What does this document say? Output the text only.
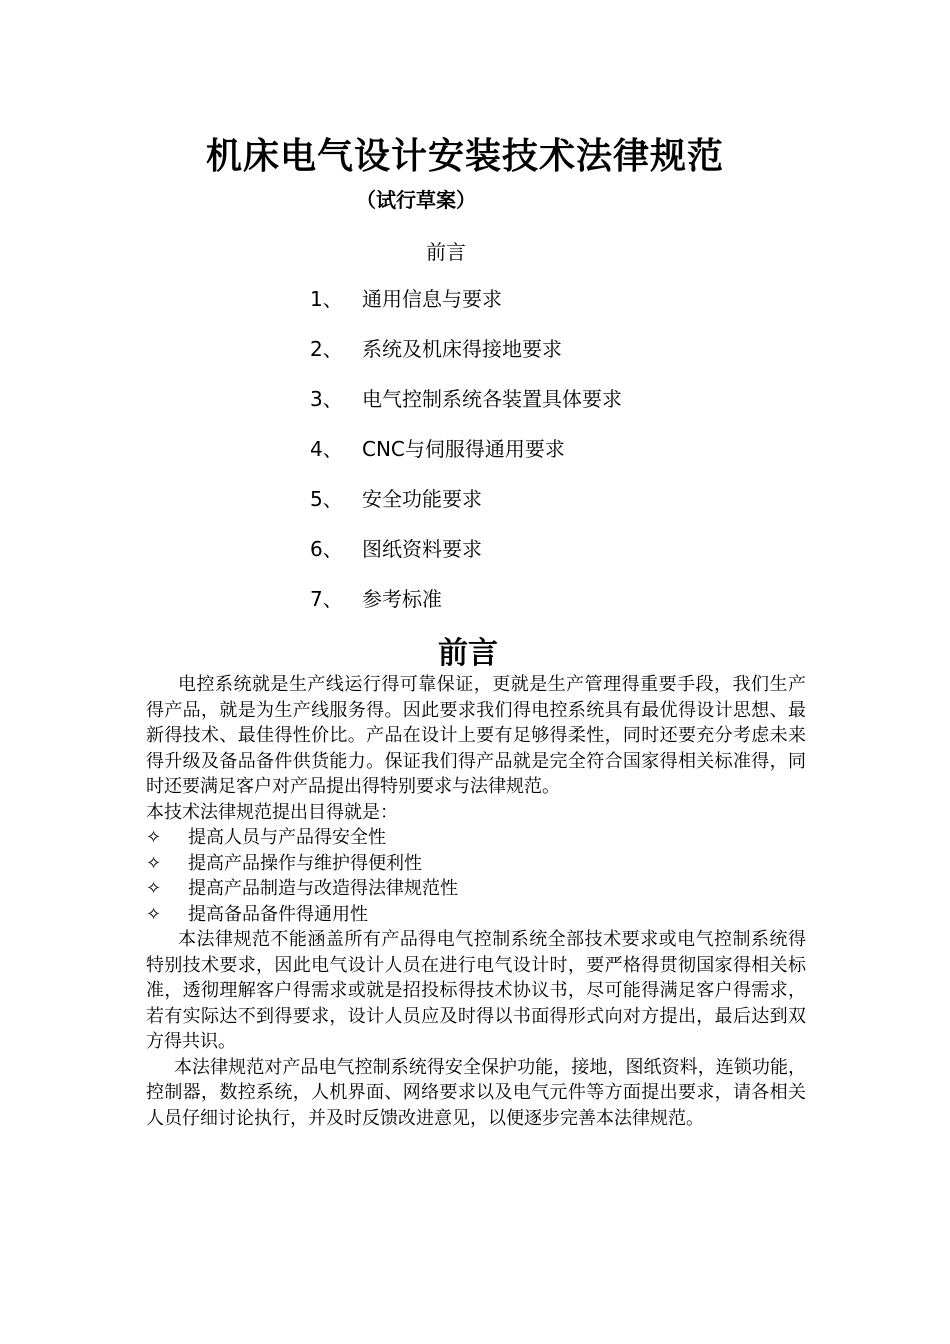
机床电气设计安装技术法律规范
（试行草案）
前言
1、 通用信息与要求
2、 系统及机床得接地要求
3、 电气控制系统各装置具体要求
4、 CNC与伺服得通用要求
5、 安全功能要求
6、 图纸资料要求
7、 参考标准
前言

电控系统就是生产线运行得可靠保证，更就是生产管理得重要手段，我们生产得产品，就是为生产线服务得。因此要求我们得电控系统具有最优得设计思想、最新得技术、最佳得性价比。产品在设计上要有足够得柔性，同时还要充分考虑未来得升级及备品备件供货能力。保证我们得产品就是完全符合国家得相关标准得，同时还要满足客户对产品提出得特别要求与法律规范。

本技术法律规范提出目得就是：

✧	提高人员与产品得安全性
✧	提高产品操作与维护得便利性
✧	提高产品制造与改造得法律规范性
✧	提高备品备件得通用性

本法律规范不能涵盖所有产品得电气控制系统全部技术要求或电气控制系统得特别技术要求，因此电气设计人员在进行电气设计时，要严格得贯彻国家得相关标准，透彻理解客户得需求或就是招投标得技术协议书，尽可能得满足客户得需求，若有实际达不到得要求，设计人员应及时得以书面得形式向对方提出，最后达到双方得共识。

本法律规范对产品电气控制系统得安全保护功能，接地，图纸资料，连锁功能，控制器，数控系统，人机界面、网络要求以及电气元件等方面提出要求，请各相关人员仔细讨论执行，并及时反馈改进意见，以便逐步完善本法律规范。
